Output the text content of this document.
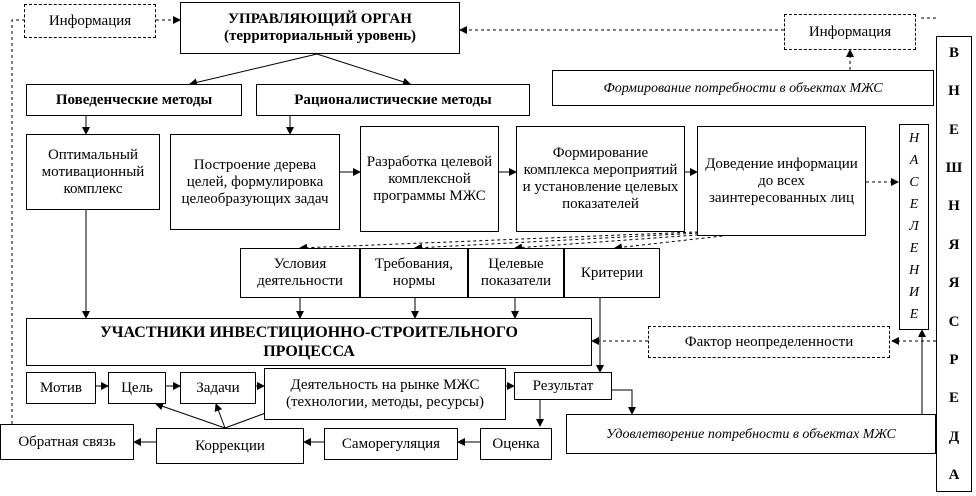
Информация	УПРАВЛЯЮЩИЙ ОРГАН
(территориальный уровень)	Информация
Формирование потребности в объектах МЖС
Поведенческие методы	Рационалистические методы
Оптимальный мотивационный комплекс
Построение дерева целей, формулировка целеобразующих задач
Разработка целевой комплексной программы МЖС
Формирование комплекса мероприятий и установление целевых показателей
Доведение информации до всех заинтересованных лиц
Н
А
С
Е
Л
Е
Н
И
Е
В
Н
Е
Ш
Н
Я
Я
С
Р
Е
Д
А
Условия деятельности
Требования, нормы
Целевые показатели
Критерии
УЧАСТНИКИ ИНВЕСТИЦИОННО-СТРОИТЕЛЬНОГО
ПРОЦЕССА
Фактор неопределенности
Мотив	Цель	Задачи	Деятельность на рынке МЖС (технологии, методы, ресурсы)
Результат
Удовлетворение потребности в объектах МЖС
Обратная связь	Коррекции	Саморегуляция	Оценка
